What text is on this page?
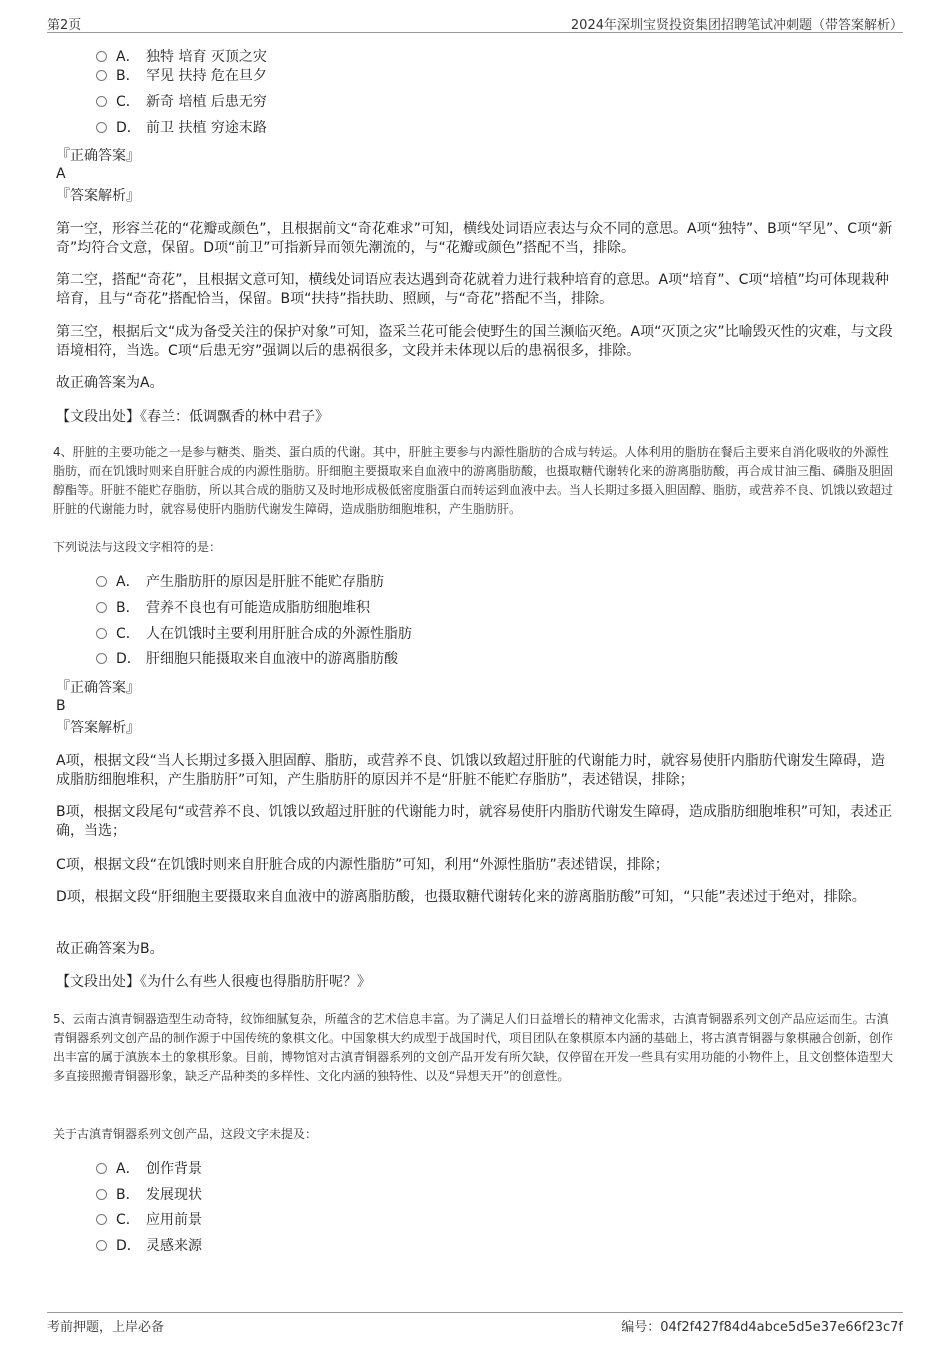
第2页	2024年深圳宝贤投资集团招聘笔试冲刺题（带答案解析）
A． 独特 培育 灭顶之灾
B． 罕见 扶持 危在旦夕
C． 新奇 培植 后患无穷
D． 前卫 扶植 穷途末路
『正确答案』
A
『答案解析』
第一空，形容兰花的“花瓣或颜色”，且根据前文“奇花难求”可知，横线处词语应表达与众不同的意思。A项“独特”、B项“罕见”、C项“新奇”均符合文意，保留。D项“前卫”可指新异而领先潮流的，与“花瓣或颜色”搭配不当，排除。
第二空，搭配“奇花”，且根据文意可知，横线处词语应表达遇到奇花就着力进行栽种培育的意思。A项“培育”、C项“培植”均可体现栽种培育，且与“奇花”搭配恰当，保留。B项“扶持”指扶助、照顾，与“奇花”搭配不当，排除。
第三空，根据后文“成为备受关注的保护对象”可知，盗采兰花可能会使野生的国兰濒临灭绝。A项“灭顶之灾”比喻毁灭性的灾难，与文段语境相符，当选。C项“后患无穷”强调以后的患祸很多，文段并未体现以后的患祸很多，排除。
故正确答案为A。
【文段出处】《春兰：低调飘香的林中君子》
4、肝脏的主要功能之一是参与糖类、脂类、蛋白质的代谢。其中，肝脏主要参与内源性脂肪的合成与转运。人体利用的脂肪在餐后主要来自消化吸收的外源性脂肪，而在饥饿时则来自肝脏合成的内源性脂肪。肝细胞主要摄取来自血液中的游离脂肪酸，也摄取糖代谢转化来的游离脂肪酸，再合成甘油三酯、磷脂及胆固醇酯等。肝脏不能贮存脂肪，所以其合成的脂肪又及时地形成极低密度脂蛋白而转运到血液中去。当人长期过多摄入胆固醇、脂肪，或营养不良、饥饿以致超过肝脏的代谢能力时，就容易使肝内脂肪代谢发生障碍，造成脂肪细胞堆积，产生脂肪肝。
下列说法与这段文字相符的是：
A． 产生脂肪肝的原因是肝脏不能贮存脂肪
B． 营养不良也有可能造成脂肪细胞堆积
C． 人在饥饿时主要利用肝脏合成的外源性脂肪
D． 肝细胞只能摄取来自血液中的游离脂肪酸
『正确答案』
B
『答案解析』
A项，根据文段“当人长期过多摄入胆固醇、脂肪，或营养不良、饥饿以致超过肝脏的代谢能力时，就容易使肝内脂肪代谢发生障碍，造成脂肪细胞堆积，产生脂肪肝”可知，产生脂肪肝的原因并不是“肝脏不能贮存脂肪”，表述错误，排除；
B项，根据文段尾句“或营养不良、饥饿以致超过肝脏的代谢能力时，就容易使肝内脂肪代谢发生障碍，造成脂肪细胞堆积”可知，表述正确，当选；
C项，根据文段“在饥饿时则来自肝脏合成的内源性脂肪”可知，利用“外源性脂肪”表述错误，排除；
D项，根据文段“肝细胞主要摄取来自血液中的游离脂肪酸，也摄取糖代谢转化来的游离脂肪酸”可知，“只能”表述过于绝对，排除。
故正确答案为B。
【文段出处】《为什么有些人很瘦也得脂肪肝呢？》
5、云南古滇青铜器造型生动奇特，纹饰细腻复杂，所蕴含的艺术信息丰富。为了满足人们日益增长的精神文化需求，古滇青铜器系列文创产品应运而生。古滇青铜器系列文创产品的制作源于中国传统的象棋文化。中国象棋大约成型于战国时代，项目团队在象棋原本内涵的基础上，将古滇青铜器与象棋融合创新，创作出丰富的属于滇族本土的象棋形象。目前，博物馆对古滇青铜器系列的文创产品开发有所欠缺，仅停留在开发一些具有实用功能的小物件上，且文创整体造型大多直接照搬青铜器形象，缺乏产品种类的多样性、文化内涵的独特性、以及“异想天开”的创意性。
关于古滇青铜器系列文创产品，这段文字未提及：
A． 创作背景
B． 发展现状
C． 应用前景
D． 灵感来源
考前押题，上岸必备	编号：04f2f427f84d4abce5d5e37e66f23c7f
